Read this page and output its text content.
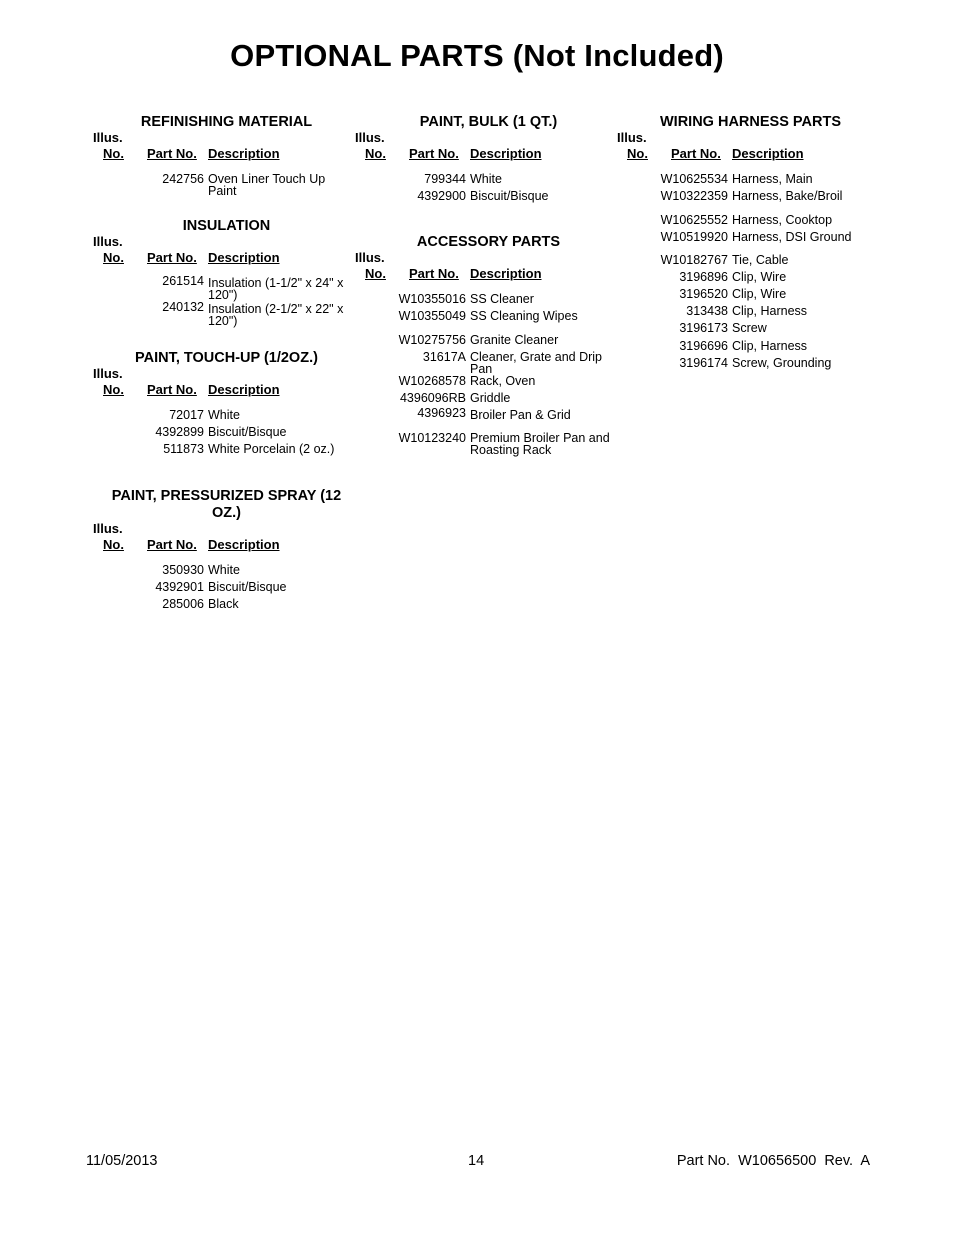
OPTIONAL PARTS (Not Included)
REFINISHING MATERIAL
Illus.
No. Part No. Description
242756 Oven Liner Touch Up Paint
INSULATION
Illus.
No. Part No. Description
261514 Insulation (1-1/2" x 24" x 120")
240132 Insulation (2-1/2" x 22" x 120")
PAINT, TOUCH-UP (1/2OZ.)
Illus.
No. Part No. Description
72017 White
4392899 Biscuit/Bisque
511873 White Porcelain (2 oz.)
PAINT, PRESSURIZED SPRAY (12 OZ.)
Illus.
No. Part No. Description
350930 White
4392901 Biscuit/Bisque
285006 Black
PAINT, BULK (1 QT.)
Illus.
No. Part No. Description
799344 White
4392900 Biscuit/Bisque
ACCESSORY PARTS
Illus.
No. Part No. Description
W10355016 SS Cleaner
W10355049 SS Cleaning Wipes
W10275756 Granite Cleaner
31617A Cleaner, Grate and Drip Pan
W10268578 Rack, Oven
4396096RB Griddle
4396923 Broiler Pan & Grid
W10123240 Premium Broiler Pan and Roasting Rack
WIRING HARNESS PARTS
Illus.
No. Part No. Description
W10625534 Harness, Main
W10322359 Harness, Bake/Broil
W10625552 Harness, Cooktop
W10519920 Harness, DSI Ground
W10182767 Tie, Cable
3196896 Clip, Wire
3196520 Clip, Wire
313438 Clip, Harness
3196173 Screw
3196696 Clip, Harness
3196174 Screw, Grounding
11/05/2013	14	Part No.  W10656500  Rev.  A
